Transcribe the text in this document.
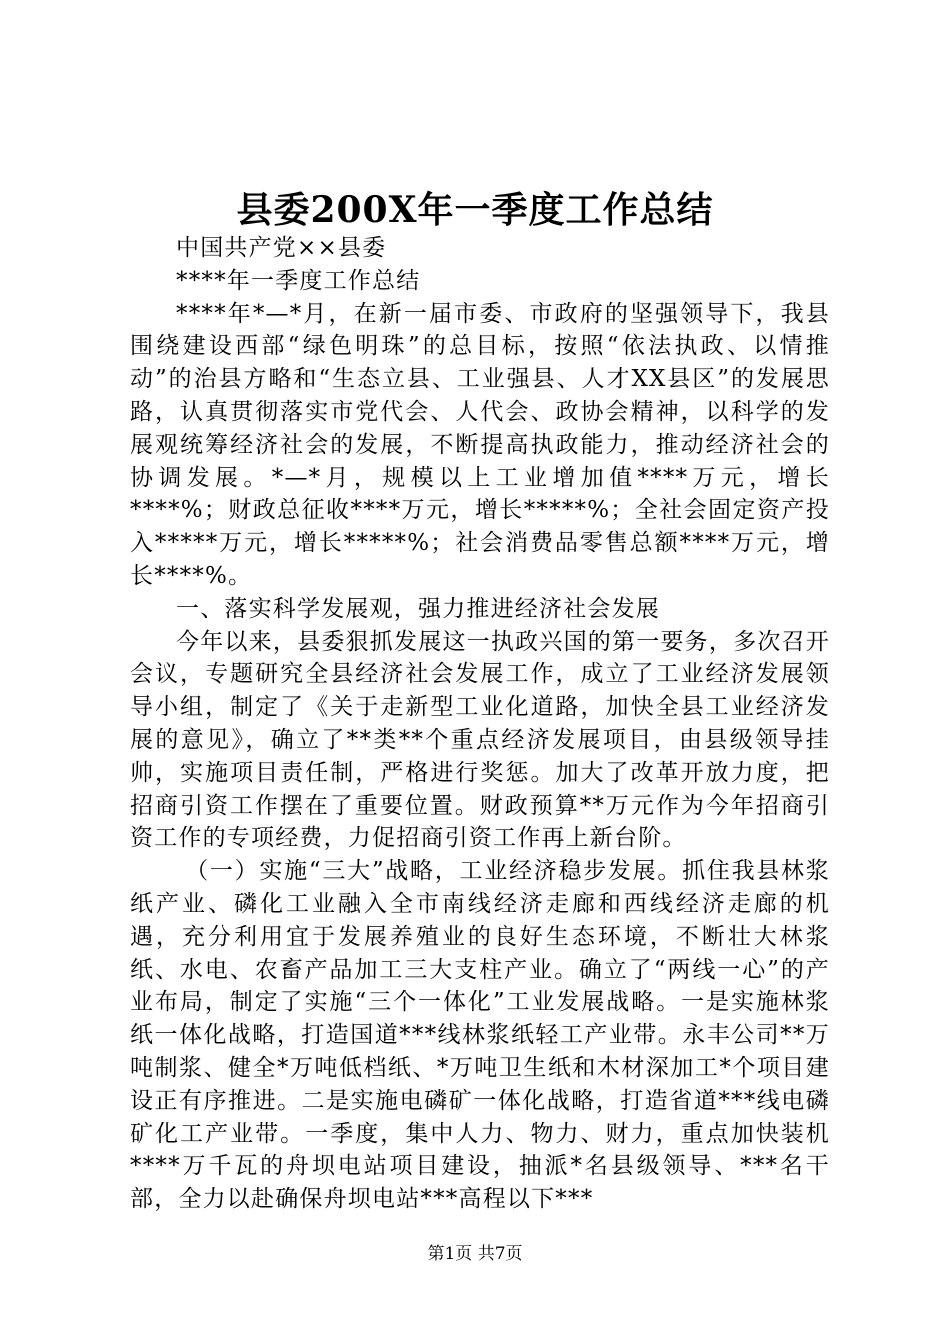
县委200X年一季度工作总结

中国共产党××县委

****年一季度工作总结

****年*—*月，在新一届市委、市政府的坚强领导下，我县围绕建设西部“绿色明珠”的总目标，按照“依法执政、以情推动”的治县方略和“生态立县、工业强县、人才XX县区”的发展思路，认真贯彻落实市党代会、人代会、政协会精神，以科学的发展观统筹经济社会的发展，不断提高执政能力，推动经济社会的协调发展。*—*月，规模以上工业增加值****万元，增长****%；财政总征收****万元，增长*****%；全社会固定资产投入*****万元，增长*****%；社会消费品零售总额****万元，增长****%。

一、落实科学发展观，强力推进经济社会发展

今年以来，县委狠抓发展这一执政兴国的第一要务，多次召开会议，专题研究全县经济社会发展工作，成立了工业经济发展领导小组，制定了《关于走新型工业化道路，加快全县工业经济发展的意见》，确立了**类**个重点经济发展项目，由县级领导挂帅，实施项目责任制，严格进行奖惩。加大了改革开放力度，把招商引资工作摆在了重要位置。财政预算**万元作为今年招商引资工作的专项经费，力促招商引资工作再上新台阶。

（一）实施“三大”战略，工业经济稳步发展。抓住我县林浆纸产业、磷化工业融入全市南线经济走廊和西线经济走廊的机遇，充分利用宜于发展养殖业的良好生态环境，不断壮大林浆纸、水电、农畜产品加工三大支柱产业。确立了“两线一心”的产业布局，制定了实施“三个一体化”工业发展战略。一是实施林浆纸一体化战略，打造国道***线林浆纸轻工产业带。永丰公司**万吨制浆、健全*万吨低档纸、*万吨卫生纸和木材深加工*个项目建设正有序推进。二是实施电磷矿一体化战略，打造省道***线电磷矿化工产业带。一季度，集中人力、物力、财力，重点加快装机****万千瓦的舟坝电站项目建设，抽派*名县级领导、***名干部，全力以赴确保舟坝电站***高程以下***

第1页 共7页
